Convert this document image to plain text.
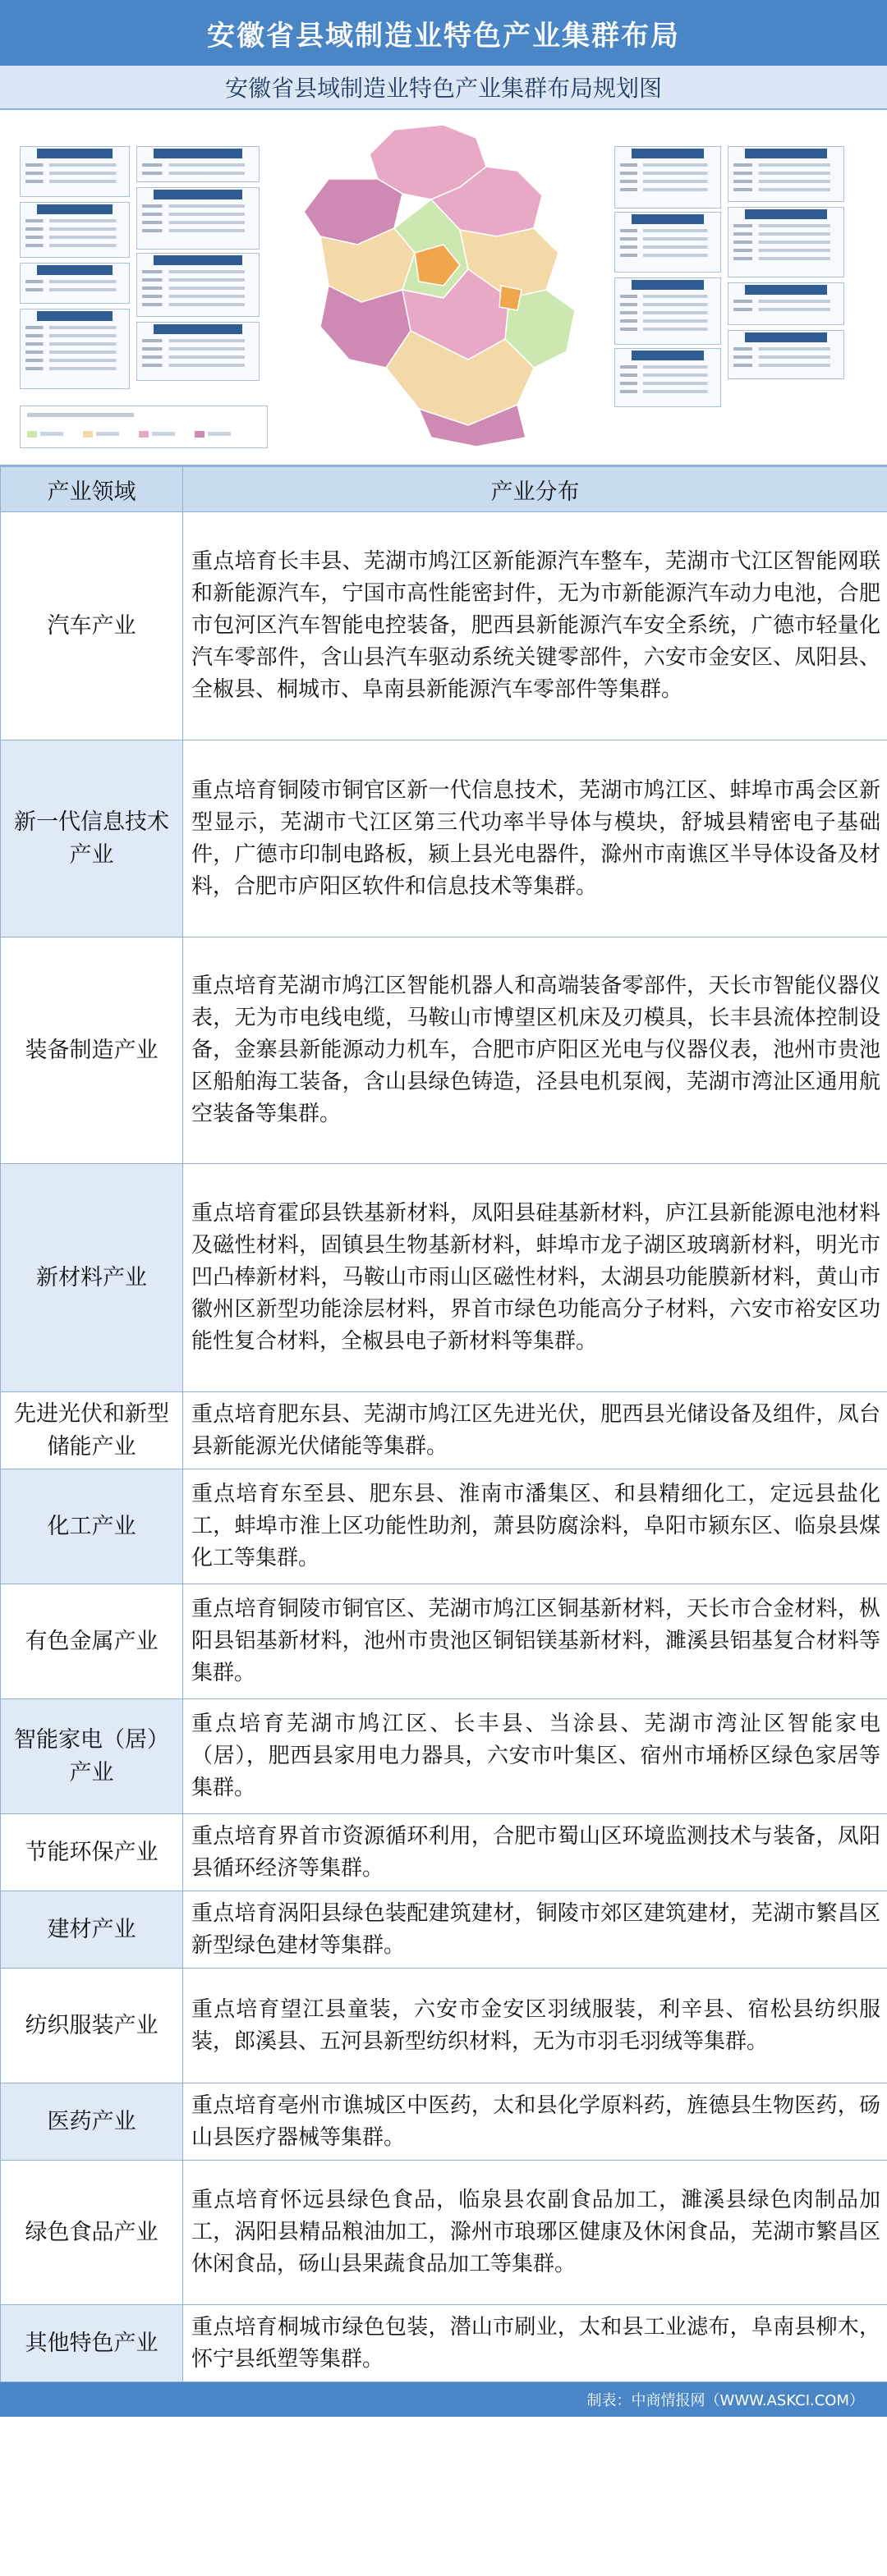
安徽省县域制造业特色产业集群布局
安徽省县域制造业特色产业集群布局规划图
产业领域	产业分布
汽车产业	重点培育长丰县、芜湖市鸠江区新能源汽车整车，芜湖市弋江区智能网联和新能源汽车，宁国市高性能密封件，无为市新能源汽车动力电池，合肥市包河区汽车智能电控装备，肥西县新能源汽车安全系统，广德市轻量化汽车零部件，含山县汽车驱动系统关键零部件，六安市金安区、凤阳县、全椒县、桐城市、阜南县新能源汽车零部件等集群。
新一代信息技术产业	重点培育铜陵市铜官区新一代信息技术，芜湖市鸠江区、蚌埠市禹会区新型显示，芜湖市弋江区第三代功率半导体与模块，舒城县精密电子基础件，广德市印制电路板，颍上县光电器件，滁州市南谯区半导体设备及材料，合肥市庐阳区软件和信息技术等集群。
装备制造产业	重点培育芜湖市鸠江区智能机器人和高端装备零部件，天长市智能仪器仪表，无为市电线电缆，马鞍山市博望区机床及刃模具，长丰县流体控制设备，金寨县新能源动力机车，合肥市庐阳区光电与仪器仪表，池州市贵池区船舶海工装备，含山县绿色铸造，泾县电机泵阀，芜湖市湾沚区通用航空装备等集群。
新材料产业	重点培育霍邱县铁基新材料，凤阳县硅基新材料，庐江县新能源电池材料及磁性材料，固镇县生物基新材料，蚌埠市龙子湖区玻璃新材料，明光市凹凸棒新材料，马鞍山市雨山区磁性材料，太湖县功能膜新材料，黄山市徽州区新型功能涂层材料，界首市绿色功能高分子材料，六安市裕安区功能性复合材料，全椒县电子新材料等集群。
先进光伏和新型储能产业	重点培育肥东县、芜湖市鸠江区先进光伏，肥西县光储设备及组件，凤台县新能源光伏储能等集群。
化工产业	重点培育东至县、肥东县、淮南市潘集区、和县精细化工，定远县盐化工，蚌埠市淮上区功能性助剂，萧县防腐涂料，阜阳市颍东区、临泉县煤化工等集群。
有色金属产业	重点培育铜陵市铜官区、芜湖市鸠江区铜基新材料，天长市合金材料，枞阳县铝基新材料，池州市贵池区铜铝镁基新材料，濉溪县铝基复合材料等集群。
智能家电（居）产业	重点培育芜湖市鸠江区、长丰县、当涂县、芜湖市湾沚区智能家电（居），肥西县家用电力器具，六安市叶集区、宿州市埇桥区绿色家居等集群。
节能环保产业	重点培育界首市资源循环利用，合肥市蜀山区环境监测技术与装备，凤阳县循环经济等集群。
建材产业	重点培育涡阳县绿色装配建筑建材，铜陵市郊区建筑建材，芜湖市繁昌区新型绿色建材等集群。
纺织服装产业	重点培育望江县童装，六安市金安区羽绒服装，利辛县、宿松县纺织服装，郎溪县、五河县新型纺织材料，无为市羽毛羽绒等集群。
医药产业	重点培育亳州市谯城区中医药，太和县化学原料药，旌德县生物医药，砀山县医疗器械等集群。
绿色食品产业	重点培育怀远县绿色食品，临泉县农副食品加工，濉溪县绿色肉制品加工，涡阳县精品粮油加工，滁州市琅琊区健康及休闲食品，芜湖市繁昌区休闲食品，砀山县果蔬食品加工等集群。
其他特色产业	重点培育桐城市绿色包装，潜山市刷业，太和县工业滤布，阜南县柳木，怀宁县纸塑等集群。
制表：中商情报网（WWW.ASKCI.COM）
